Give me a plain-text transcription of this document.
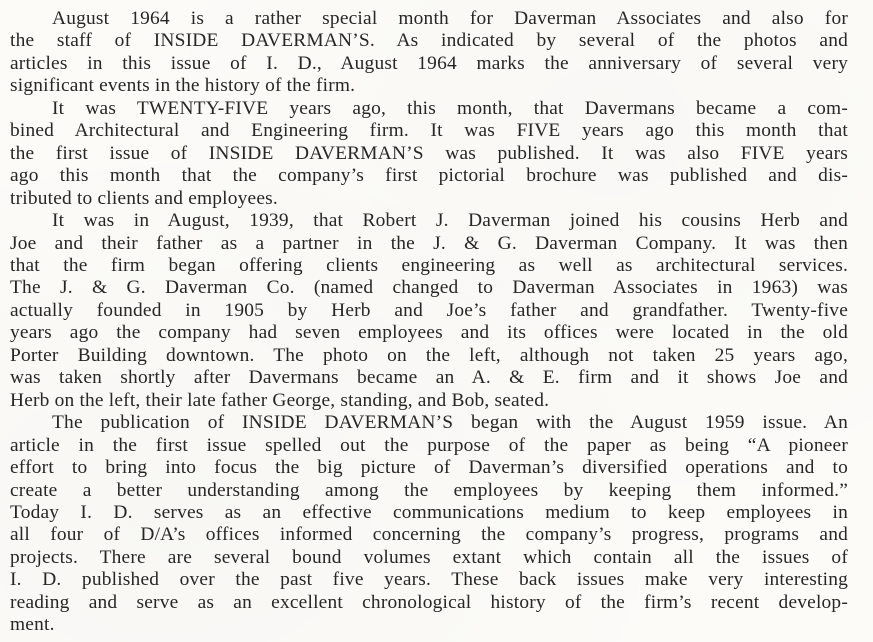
August 1964 is a rather special month for Daverman Associates and also for
the staff of INSIDE DAVERMAN’S. As indicated by several of the photos and
articles in this issue of I. D., August 1964 marks the anniversary of several very
significant events in the history of the firm.

It was TWENTY-FIVE years ago, this month, that Davermans became a com-
bined Architectural and Engineering firm. It was FIVE years ago this month that
the first issue of INSIDE DAVERMAN’S was published. It was also FIVE years
ago this month that the company’s first pictorial brochure was published and dis-
tributed to clients and employees.

It was in August, 1939, that Robert J. Daverman joined his cousins Herb and
Joe and their father as a partner in the J. & G. Daverman Company. It was then
that the firm began offering clients engineering as well as architectural services.
The J. & G. Daverman Co. (named changed to Daverman Associates in 1963) was
actually founded in 1905 by Herb and Joe’s father and grandfather. Twenty-five
years ago the company had seven employees and its offices were located in the old
Porter Building downtown. The photo on the left, although not taken 25 years ago,
was taken shortly after Davermans became an A. & E. firm and it shows Joe and
Herb on the left, their late father George, standing, and Bob, seated.

The publication of INSIDE DAVERMAN’S began with the August 1959 issue. An
article in the first issue spelled out the purpose of the paper as being “A pioneer
effort to bring into focus the big picture of Daverman’s diversified operations and to
create a better understanding among the employees by keeping them informed.”
Today I. D. serves as an effective communications medium to keep employees in
all four of D/A’s offices informed concerning the company’s progress, programs and
projects. There are several bound volumes extant which contain all the issues of
I. D. published over the past five years. These back issues make very interesting
reading and serve as an excellent chronological history of the firm’s recent develop-
ment.
